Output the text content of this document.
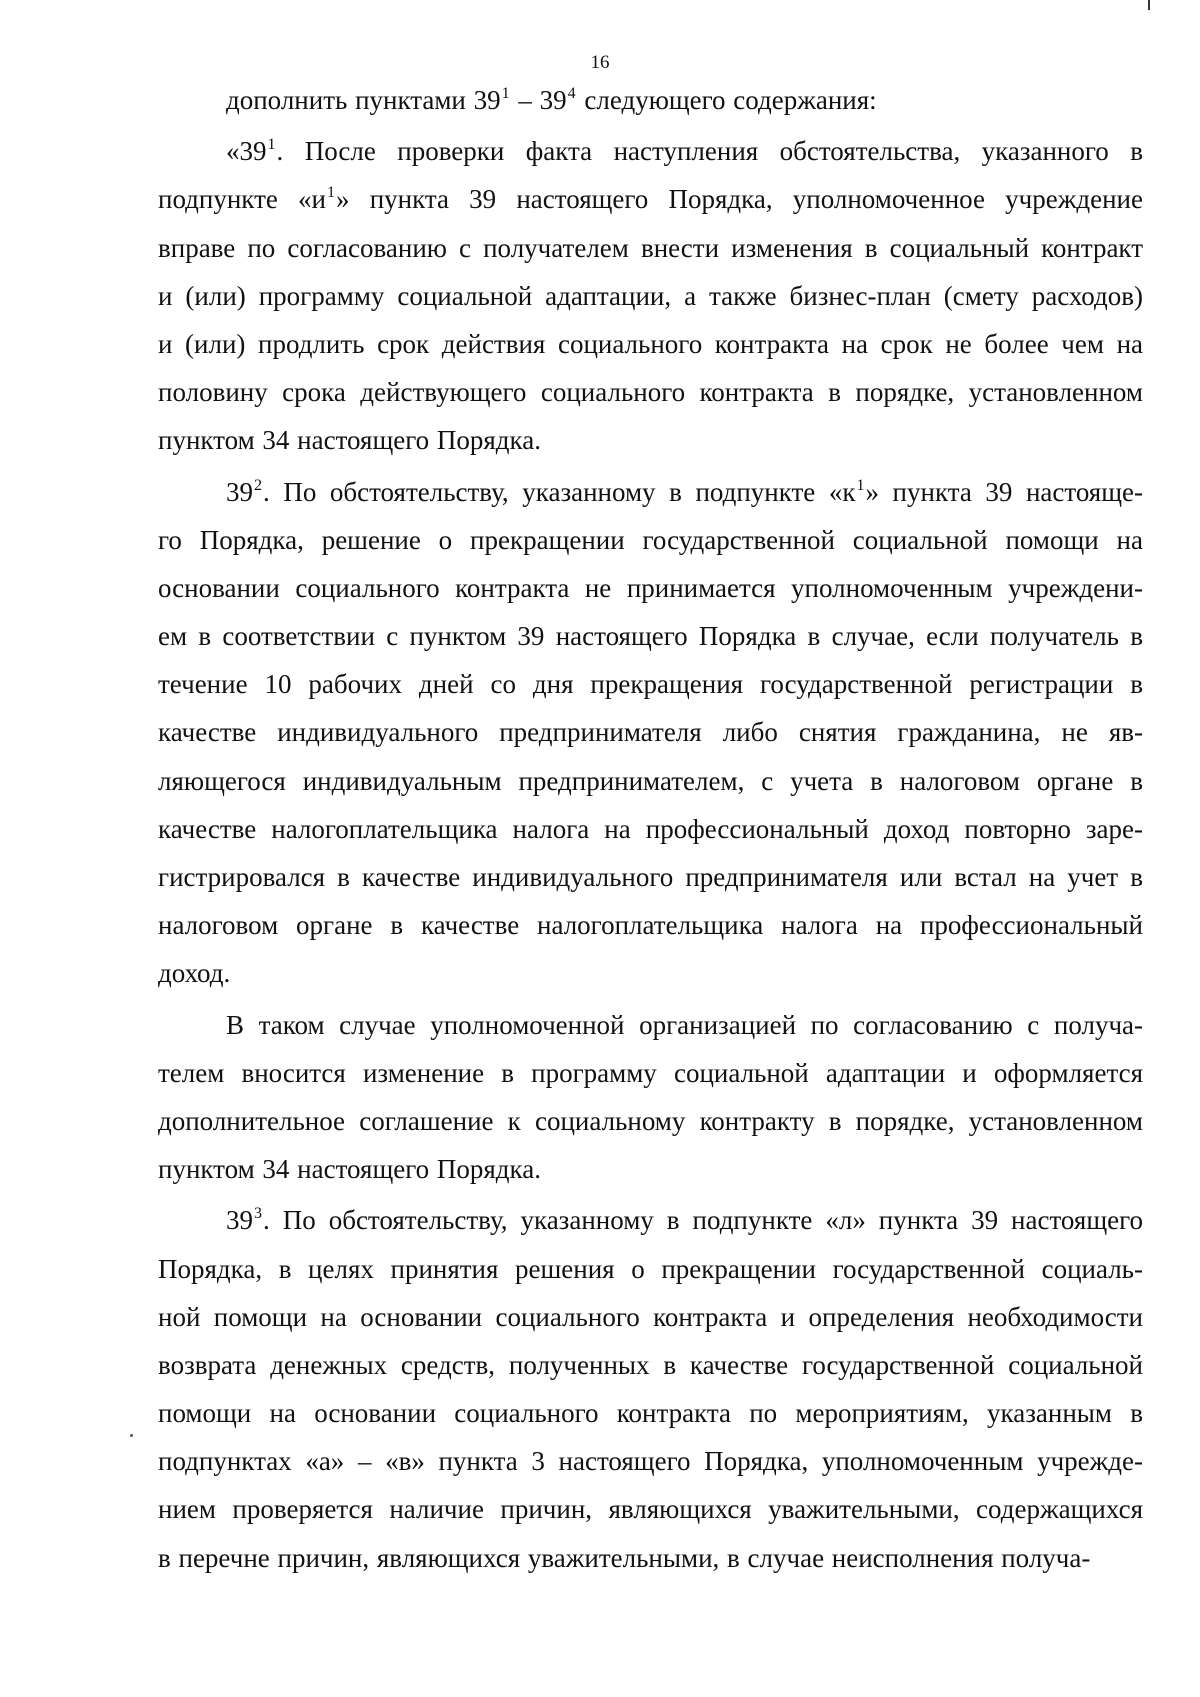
16
дополнить пунктами $39^1 - 39^4$ следующего содержания:
«$39^1$. После проверки факта наступления обстоятельства, указанного в
подпункте «$и^1$» пункта 39 настоящего Порядка, уполномоченное учреждение
вправе по согласованию с получателем внести изменения в социальный контракт
и (или) программу социальной адаптации, а также бизнес-план (смету расходов)
и (или) продлить срок действия социального контракта на срок не более чем на
половину срока действующего социального контракта в порядке, установленном
пунктом 34 настоящего Порядка.
$39^2$. По обстоятельству, указанному в подпункте «$к^1$» пункта 39 настояще-
го Порядка, решение о прекращении государственной социальной помощи на
основании социального контракта не принимается уполномоченным учреждени-
ем в соответствии с пунктом 39 настоящего Порядка в случае, если получатель в
течение 10 рабочих дней со дня прекращения государственной регистрации в
качестве индивидуального предпринимателя либо снятия гражданина, не яв-
ляющегося индивидуальным предпринимателем, с учета в налоговом органе в
качестве налогоплательщика налога на профессиональный доход повторно заре-
гистрировался в качестве индивидуального предпринимателя или встал на учет в
налоговом органе в качестве налогоплательщика налога на профессиональный
доход.
В таком случае уполномоченной организацией по согласованию с получа-
телем вносится изменение в программу социальной адаптации и оформляется
дополнительное соглашение к социальному контракту в порядке, установленном
пунктом 34 настоящего Порядка.
$39^3$. По обстоятельству, указанному в подпункте «л» пункта 39 настоящего
Порядка, в целях принятия решения о прекращении государственной социаль-
ной помощи на основании социального контракта и определения необходимости
возврата денежных средств, полученных в качестве государственной социальной
помощи на основании социального контракта по мероприятиям, указанным в
подпунктах «а» – «в» пункта 3 настоящего Порядка, уполномоченным учрежде-
нием проверяется наличие причин, являющихся уважительными, содержащихся
в перечне причин, являющихся уважительными, в случае неисполнения получа-
